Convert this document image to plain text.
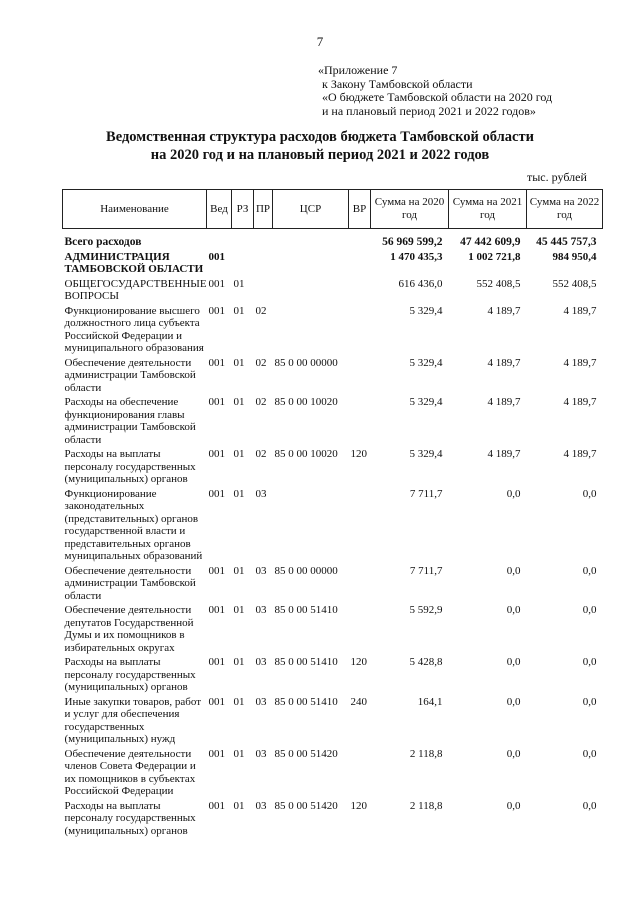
7
«Приложение 7
к Закону Тамбовской области
«О бюджете Тамбовской области на 2020 год
и на плановый период 2021 и 2022 годов»
Ведомственная структура расходов бюджета Тамбовской области
на 2020 год и на плановый период 2021 и 2022 годов
тыс. рублей
Наименование	Вед	РЗ	ПР	ЦСР	ВР	Сумма на 2020 год	Сумма на 2021 год	Сумма на 2022 год
Всего расходов						56 969 599,2	47 442 609,9	45 445 757,3
АДМИНИСТРАЦИЯ ТАМБОВСКОЙ ОБЛАСТИ	001					1 470 435,3	1 002 721,8	984 950,4
ОБЩЕГОСУДАРСТВЕННЫЕ ВОПРОСЫ	001	01				616 436,0	552 408,5	552 408,5
Функционирование высшего должностного лица субъекта Российской Федерации и муниципального образования	001	01	02			5 329,4	4 189,7	4 189,7
Обеспечение деятельности администрации Тамбовской области	001	01	02	85 0 00 00000		5 329,4	4 189,7	4 189,7
Расходы на обеспечение функционирования главы администрации Тамбовской области	001	01	02	85 0 00 10020		5 329,4	4 189,7	4 189,7
Расходы на выплаты персоналу государственных (муниципальных) органов	001	01	02	85 0 00 10020	120	5 329,4	4 189,7	4 189,7
Функционирование законодательных (представительных) органов государственной власти и представительных органов муниципальных образований	001	01	03			7 711,7	0,0	0,0
Обеспечение деятельности администрации Тамбовской области	001	01	03	85 0 00 00000		7 711,7	0,0	0,0
Обеспечение деятельности депутатов Государственной Думы и их помощников в избирательных округах	001	01	03	85 0 00 51410		5 592,9	0,0	0,0
Расходы на выплаты персоналу государственных (муниципальных) органов	001	01	03	85 0 00 51410	120	5 428,8	0,0	0,0
Иные закупки товаров, работ и услуг для обеспечения государственных (муниципальных) нужд	001	01	03	85 0 00 51410	240	164,1	0,0	0,0
Обеспечение деятельности членов Совета Федерации и их помощников в субъектах Российской Федерации	001	01	03	85 0 00 51420		2 118,8	0,0	0,0
Расходы на выплаты персоналу государственных (муниципальных) органов	001	01	03	85 0 00 51420	120	2 118,8	0,0	0,0
